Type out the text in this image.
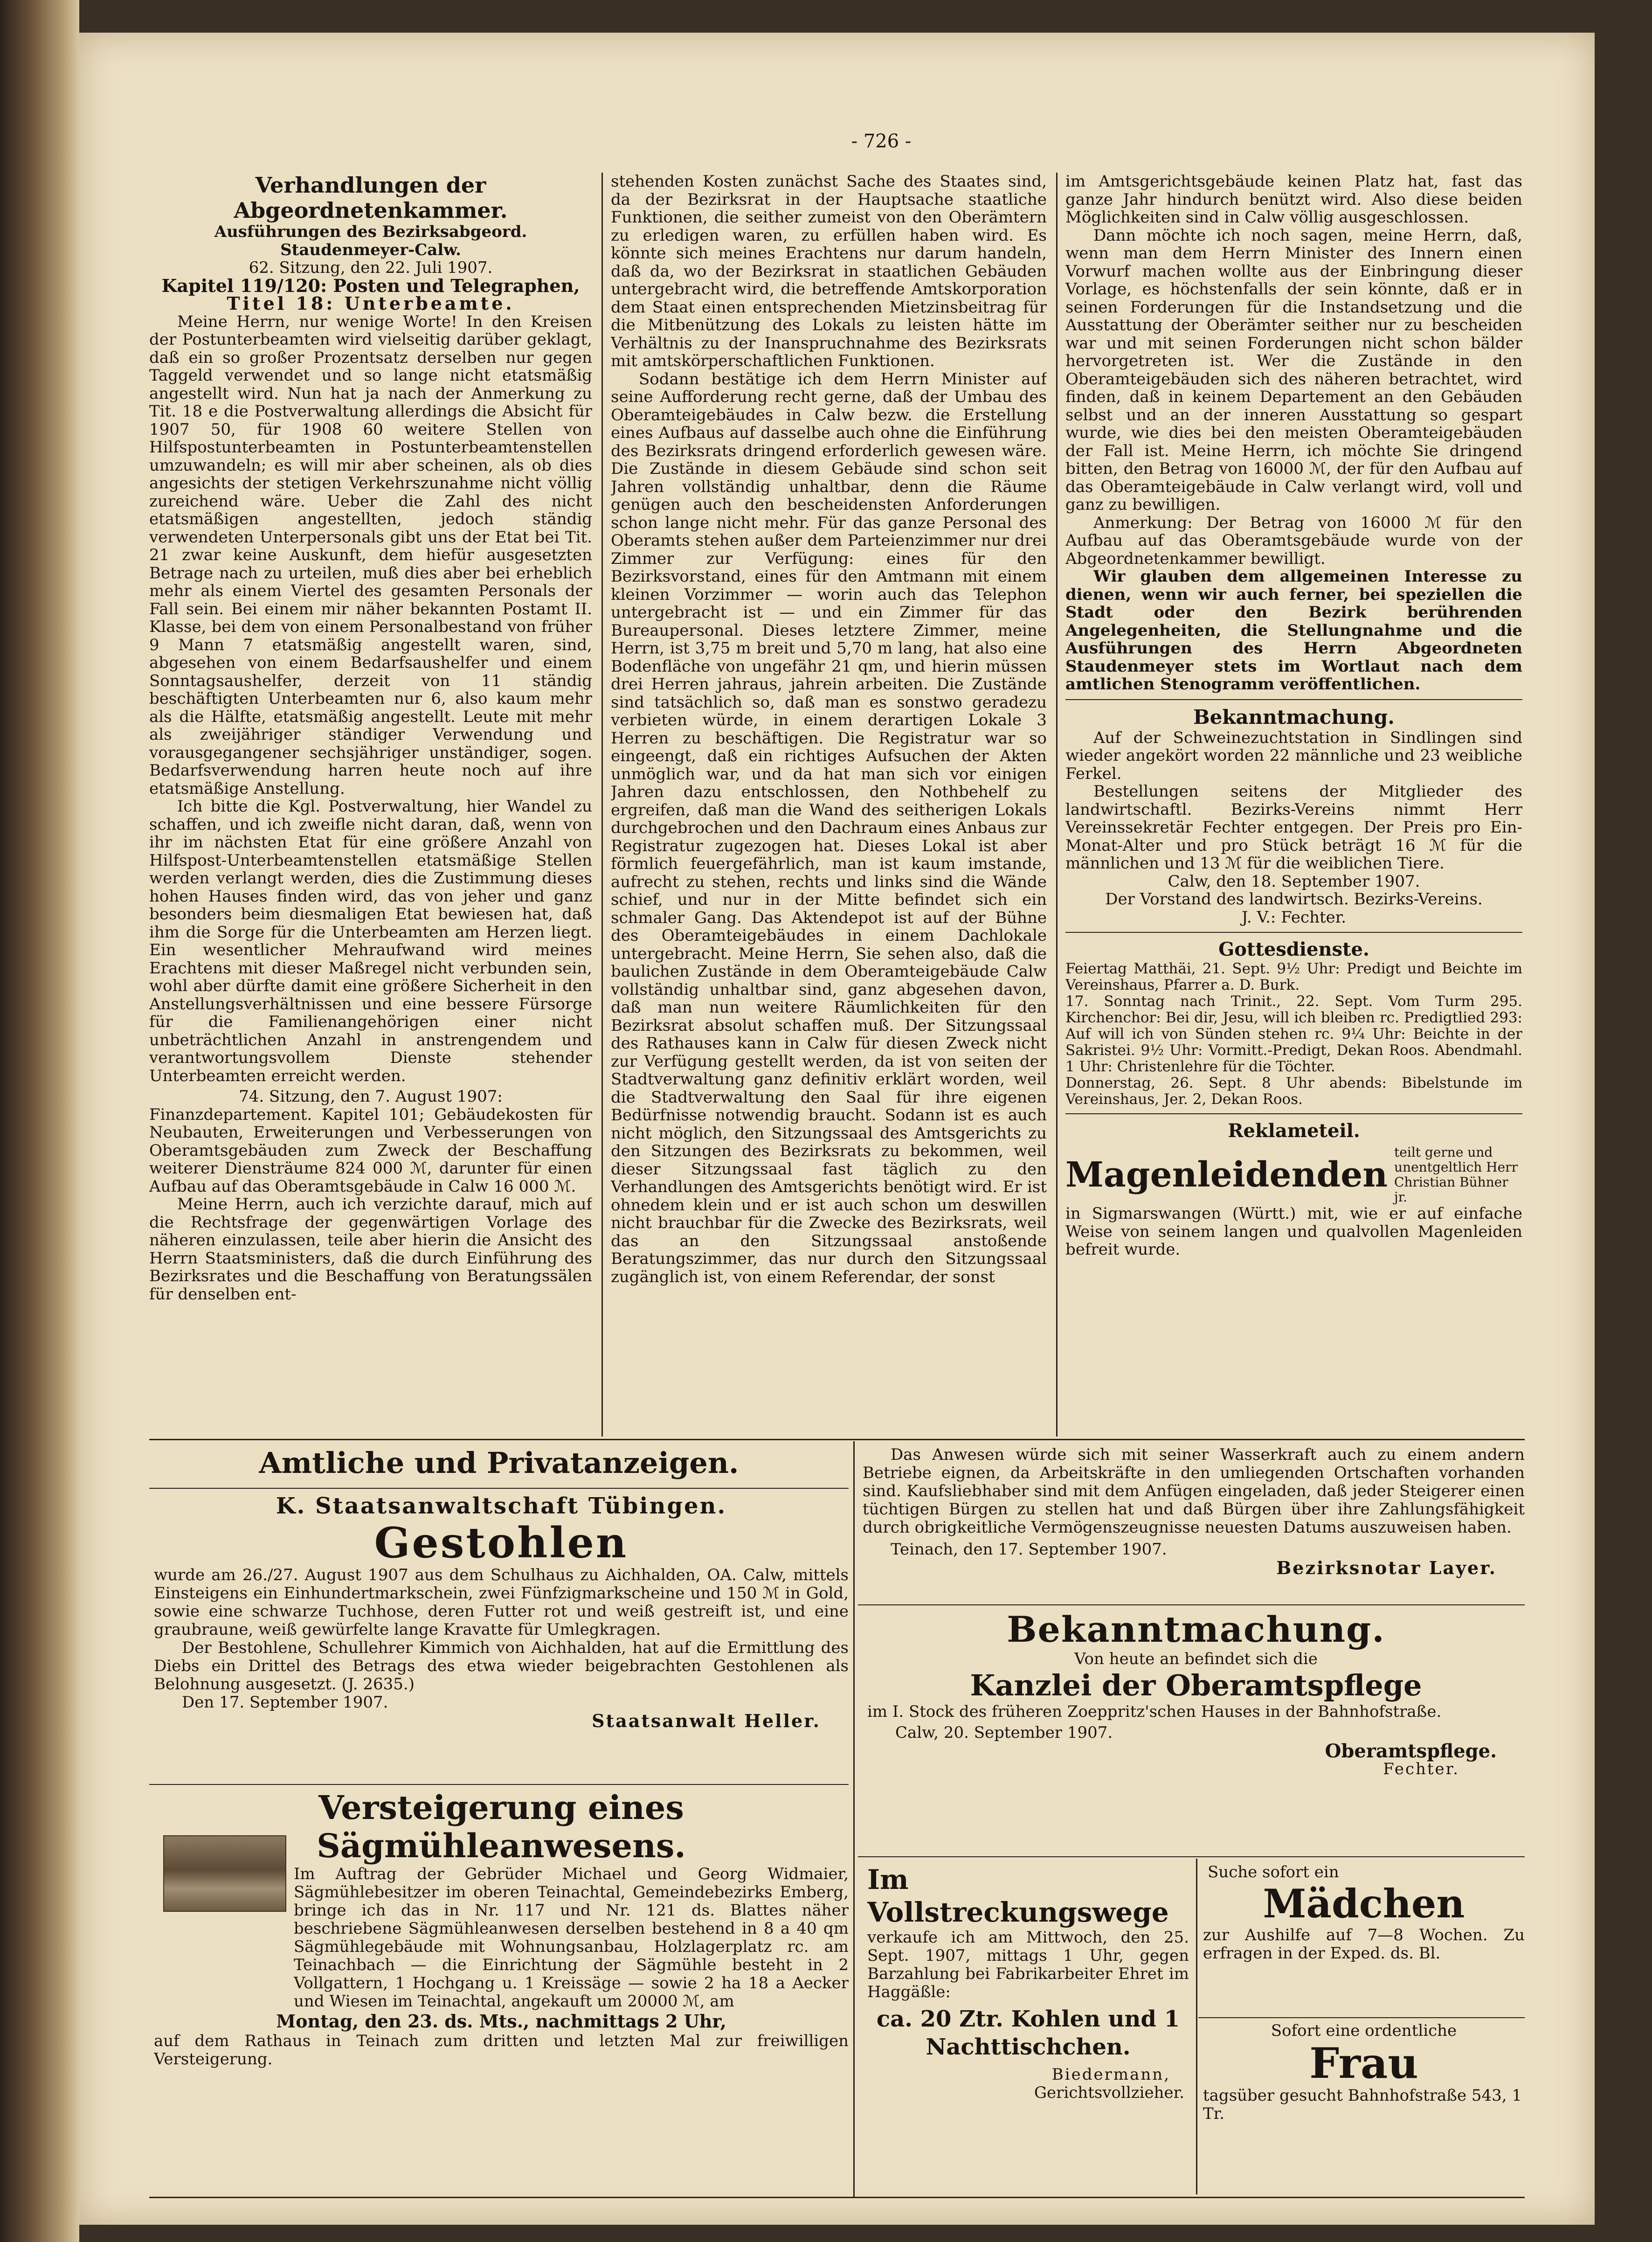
- 726 -

Verhandlungen der Abgeordnetenkammer.

Ausführungen des Bezirksabgeord. Staudenmeyer-Calw.

62. Sitzung, den 22. Juli 1907.

Kapitel 119/120: Posten und Telegraphen,

Titel 18: Unterbeamte.

Meine Herrn, nur wenige Worte! In den Kreisen der Postunterbeamten wird vielseitig darüber geklagt, daß ein so großer Prozentsatz derselben nur gegen Taggeld verwendet und so lange nicht etatsmäßig angestellt wird. Nun hat ja nach der Anmerkung zu Tit. 18 e die Postverwaltung allerdings die Absicht für 1907 50, für 1908 60 weitere Stellen von Hilfspostunterbeamten in Postunterbeamtenstellen umzuwandeln; es will mir aber scheinen, als ob dies angesichts der stetigen Verkehrszunahme nicht völlig zureichend wäre. Ueber die Zahl des nicht etatsmäßigen angestellten, jedoch ständig verwendeten Unterpersonals gibt uns der Etat bei Tit. 21 zwar keine Auskunft, dem hiefür ausgesetzten Betrage nach zu urteilen, muß dies aber bei erheblich mehr als einem Viertel des gesamten Personals der Fall sein. Bei einem mir näher bekannten Postamt II. Klasse, bei dem von einem Personalbestand von früher 9 Mann 7 etatsmäßig angestellt waren, sind, abgesehen von einem Bedarfsaushelfer und einem Sonntagsaushelfer, derzeit von 11 ständig beschäftigten Unterbeamten nur 6, also kaum mehr als die Hälfte, etatsmäßig angestellt. Leute mit mehr als zweijähriger ständiger Verwendung und vorausgegangener sechsjähriger unständiger, sogen. Bedarfsverwendung harren heute noch auf ihre etatsmäßige Anstellung.

Ich bitte die Kgl. Postverwaltung, hier Wandel zu schaffen, und ich zweifle nicht daran, daß, wenn von ihr im nächsten Etat für eine größere Anzahl von Hilfspost-Unterbeamtenstellen etatsmäßige Stellen werden verlangt werden, dies die Zustimmung dieses hohen Hauses finden wird, das von jeher und ganz besonders beim diesmaligen Etat bewiesen hat, daß ihm die Sorge für die Unterbeamten am Herzen liegt. Ein wesentlicher Mehraufwand wird meines Erachtens mit dieser Maßregel nicht verbunden sein, wohl aber dürfte damit eine größere Sicherheit in den Anstellungsverhältnissen und eine bessere Fürsorge für die Familienangehörigen einer nicht unbeträchtlichen Anzahl in anstrengendem und verantwortungsvollem Dienste stehender Unterbeamten erreicht werden.

74. Sitzung, den 7. August 1907:

Finanzdepartement. Kapitel 101; Gebäudekosten für Neubauten, Erweiterungen und Verbesserungen von Oberamtsgebäuden zum Zweck der Beschaffung weiterer Diensträume 824 000 ℳ, darunter für einen Aufbau auf das Oberamtsgebäude in Calw 16 000 ℳ.

Meine Herrn, auch ich verzichte darauf, mich auf die Rechtsfrage der gegenwärtigen Vorlage des näheren einzulassen, teile aber hierin die Ansicht des Herrn Staatsministers, daß die durch Einführung des Bezirksrates und die Beschaffung von Beratungssälen für denselben ent-

stehenden Kosten zunächst Sache des Staates sind, da der Bezirksrat in der Hauptsache staatliche Funktionen, die seither zumeist von den Oberämtern zu erledigen waren, zu erfüllen haben wird. Es könnte sich meines Erachtens nur darum handeln, daß da, wo der Bezirksrat in staatlichen Gebäuden untergebracht wird, die betreffende Amtskorporation dem Staat einen entsprechenden Mietzinsbeitrag für die Mitbenützung des Lokals zu leisten hätte im Verhältnis zu der Inanspruchnahme des Bezirksrats mit amtskörperschaftlichen Funktionen.

Sodann bestätige ich dem Herrn Minister auf seine Aufforderung recht gerne, daß der Umbau des Oberamteigebäudes in Calw bezw. die Erstellung eines Aufbaus auf dasselbe auch ohne die Einführung des Bezirksrats dringend erforderlich gewesen wäre. Die Zustände in diesem Gebäude sind schon seit Jahren vollständig unhaltbar, denn die Räume genügen auch den bescheidensten Anforderungen schon lange nicht mehr. Für das ganze Personal des Oberamts stehen außer dem Parteienzimmer nur drei Zimmer zur Verfügung: eines für den Bezirksvorstand, eines für den Amtmann mit einem kleinen Vorzimmer — worin auch das Telephon untergebracht ist — und ein Zimmer für das Bureaupersonal. Dieses letztere Zimmer, meine Herrn, ist 3,75 m breit und 5,70 m lang, hat also eine Bodenfläche von ungefähr 21 qm, und hierin müssen drei Herren jahraus, jahrein arbeiten. Die Zustände sind tatsächlich so, daß man es sonstwo geradezu verbieten würde, in einem derartigen Lokale 3 Herren zu beschäftigen. Die Registratur war so eingeengt, daß ein richtiges Aufsuchen der Akten unmöglich war, und da hat man sich vor einigen Jahren dazu entschlossen, den Nothbehelf zu ergreifen, daß man die Wand des seitherigen Lokals durchgebrochen und den Dachraum eines Anbaus zur Registratur zugezogen hat. Dieses Lokal ist aber förmlich feuergefährlich, man ist kaum imstande, aufrecht zu stehen, rechts und links sind die Wände schief, und nur in der Mitte befindet sich ein schmaler Gang. Das Aktendepot ist auf der Bühne des Oberamteigebäudes in einem Dachlokale untergebracht. Meine Herrn, Sie sehen also, daß die baulichen Zustände in dem Oberamteigebäude Calw vollständig unhaltbar sind, ganz abgesehen davon, daß man nun weitere Räumlichkeiten für den Bezirksrat absolut schaffen muß. Der Sitzungssaal des Rathauses kann in Calw für diesen Zweck nicht zur Verfügung gestellt werden, da ist von seiten der Stadtverwaltung ganz definitiv erklärt worden, weil die Stadtverwaltung den Saal für ihre eigenen Bedürfnisse notwendig braucht. Sodann ist es auch nicht möglich, den Sitzungssaal des Amtsgerichts zu den Sitzungen des Bezirksrats zu bekommen, weil dieser Sitzungssaal fast täglich zu den Verhandlungen des Amtsgerichts benötigt wird. Er ist ohnedem klein und er ist auch schon um deswillen nicht brauchbar für die Zwecke des Bezirksrats, weil das an den Sitzungssaal anstoßende Beratungszimmer, das nur durch den Sitzungssaal zugänglich ist, von einem Referendar, der sonst

im Amtsgerichtsgebäude keinen Platz hat, fast das ganze Jahr hindurch benützt wird. Also diese beiden Möglichkeiten sind in Calw völlig ausgeschlossen.

Dann möchte ich noch sagen, meine Herrn, daß, wenn man dem Herrn Minister des Innern einen Vorwurf machen wollte aus der Einbringung dieser Vorlage, es höchstenfalls der sein könnte, daß er in seinen Forderungen für die Instandsetzung und die Ausstattung der Oberämter seither nur zu bescheiden war und mit seinen Forderungen nicht schon bälder hervorgetreten ist. Wer die Zustände in den Oberamteigebäuden sich des näheren betrachtet, wird finden, daß in keinem Departement an den Gebäuden selbst und an der inneren Ausstattung so gespart wurde, wie dies bei den meisten Oberamteigebäuden der Fall ist. Meine Herrn, ich möchte Sie dringend bitten, den Betrag von 16000 ℳ, der für den Aufbau auf das Oberamteigebäude in Calw verlangt wird, voll und ganz zu bewilligen.

Anmerkung: Der Betrag von 16000 ℳ für den Aufbau auf das Oberamtsgebäude wurde von der Abgeordnetenkammer bewilligt.

Wir glauben dem allgemeinen Interesse zu dienen, wenn wir auch ferner, bei speziellen die Stadt oder den Bezirk berührenden Angelegenheiten, die Stellungnahme und die Ausführungen des Herrn Abgeordneten Staudenmeyer stets im Wortlaut nach dem amtlichen Stenogramm veröffentlichen.

Bekanntmachung.

Auf der Schweinezuchtstation in Sindlingen sind wieder angekört worden 22 männliche und 23 weibliche Ferkel.

Bestellungen seitens der Mitglieder des landwirtschaftl. Bezirks-Vereins nimmt Herr Vereinssekretär Fechter entgegen. Der Preis pro Ein-Monat-Alter und pro Stück beträgt 16 ℳ für die männlichen und 13 ℳ für die weiblichen Tiere.

Calw, den 18. September 1907.

Der Vorstand des landwirtsch. Bezirks-Vereins.

J. V.: Fechter.

Gottesdienste.

Feiertag Matthäi, 21. Sept. 9½ Uhr: Predigt und Beichte im Vereinshaus, Pfarrer a. D. Burk.

17. Sonntag nach Trinit., 22. Sept. Vom Turm 295. Kirchenchor: Bei dir, Jesu, will ich bleiben rc. Predigtlied 293: Auf will ich von Sünden stehen rc. 9¼ Uhr: Beichte in der Sakristei. 9½ Uhr: Vormitt.-Predigt, Dekan Roos. Abendmahl. 1 Uhr: Christenlehre für die Töchter.

Donnerstag, 26. Sept. 8 Uhr abends: Bibelstunde im Vereinshaus, Jer. 2, Dekan Roos.

Reklameteil.

Magenleidenden
teilt gerne und unentgeltlich Herr Christian Bühner jr.

in Sigmarswangen (Württ.) mit, wie er auf einfache Weise von seinem langen und qualvollen Magenleiden befreit wurde.

Amtliche und Privatanzeigen.

K. Staatsanwaltschaft Tübingen.

Gestohlen

wurde am 26./27. August 1907 aus dem Schulhaus zu Aichhalden, OA. Calw, mittels Einsteigens ein Einhundertmarkschein, zwei Fünfzigmarkscheine und 150 ℳ in Gold, sowie eine schwarze Tuchhose, deren Futter rot und weiß gestreift ist, und eine graubraune, weiß gewürfelte lange Kravatte für Umlegkragen.

Der Bestohlene, Schullehrer Kimmich von Aichhalden, hat auf die Ermittlung des Diebs ein Drittel des Betrags des etwa wieder beigebrachten Gestohlenen als Belohnung ausgesetzt. (J. 2635.)

Den 17. September 1907.

Staatsanwalt Heller.

Versteigerung eines Sägmühleanwesens.

Im Auftrag der Gebrüder Michael und Georg Widmaier, Sägmühlebesitzer im oberen Teinachtal, Gemeindebezirks Emberg, bringe ich das in Nr. 117 und Nr. 121 ds. Blattes näher beschriebene Sägmühleanwesen derselben bestehend in 8 a 40 qm Sägmühlegebäude mit Wohnungsanbau, Holzlagerplatz rc. am Teinachbach — die Einrichtung der Sägmühle besteht in 2 Vollgattern, 1 Hochgang u. 1 Kreissäge — sowie 2 ha 18 a Aecker und Wiesen im Teinachtal, angekauft um 20000 ℳ, am

Montag, den 23. ds. Mts., nachmittags 2 Uhr,

auf dem Rathaus in Teinach zum dritten und letzten Mal zur freiwilligen Versteigerung.

Das Anwesen würde sich mit seiner Wasserkraft auch zu einem andern Betriebe eignen, da Arbeitskräfte in den umliegenden Ortschaften vorhanden sind. Kaufsliebhaber sind mit dem Anfügen eingeladen, daß jeder Steigerer einen tüchtigen Bürgen zu stellen hat und daß Bürgen über ihre Zahlungsfähigkeit durch obrigkeitliche Vermögenszeugnisse neuesten Datums auszuweisen haben.

Teinach, den 17. September 1907.

Bezirksnotar Layer.

Bekanntmachung.

Von heute an befindet sich die

Kanzlei der Oberamtspflege

im I. Stock des früheren Zoeppritz'schen Hauses in der Bahnhofstraße.

Calw, 20. September 1907.

Oberamtspflege.

Fechter.

Im Vollstreckungswege

verkaufe ich am Mittwoch, den 25. Sept. 1907, mittags 1 Uhr, gegen Barzahlung bei Fabrikarbeiter Ehret im Haggäßle:

ca. 20 Ztr. Kohlen und 1 Nachttischchen.

Biedermann,

Gerichtsvollzieher.

Suche sofort ein

Mädchen

zur Aushilfe auf 7—8 Wochen. Zu erfragen in der Exped. ds. Bl.

Sofort eine ordentliche

Frau

tagsüber gesucht Bahnhofstraße 543, 1 Tr.
